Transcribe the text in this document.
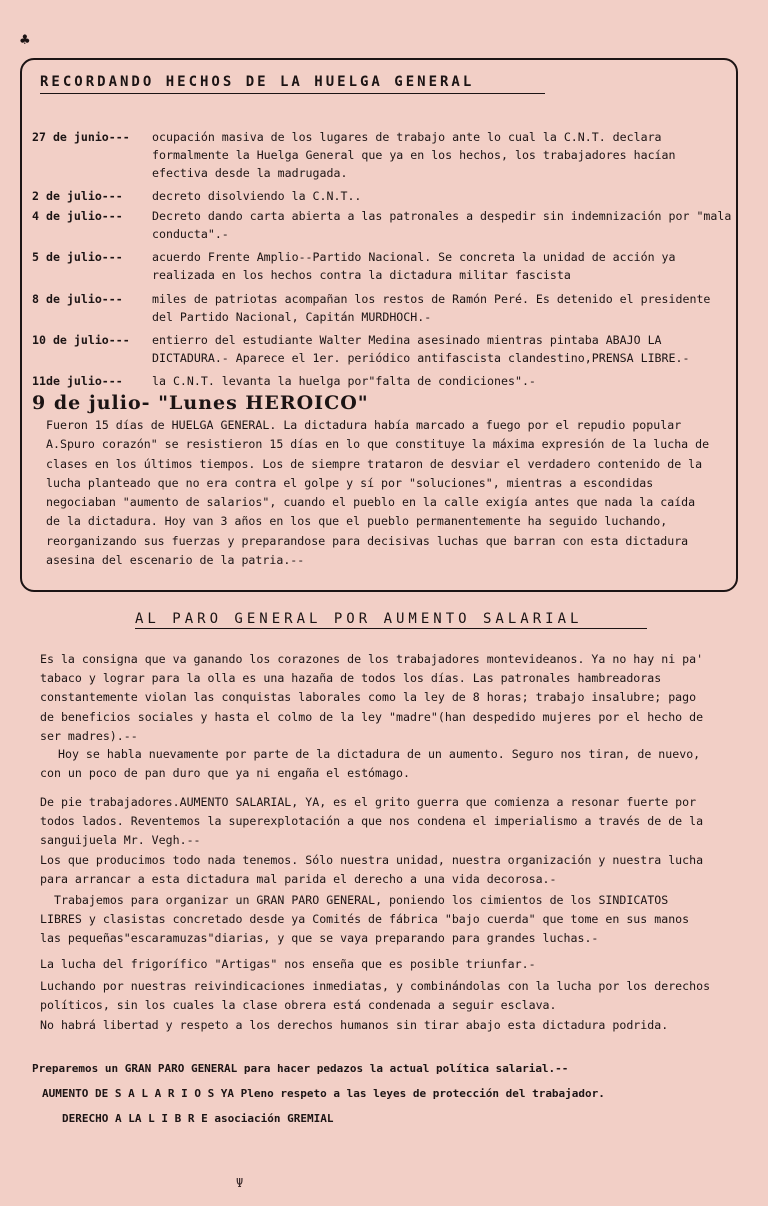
♣
RECORDANDO HECHOS DE LA HUELGA GENERAL
27 de junio---	ocupación masiva de los lugares de trabajo ante lo cual la C.N.T. declara formalmente la Huelga General que ya en los hechos, los trabajadores hacían efectiva desde la madrugada.
2 de julio---	decreto disolviendo la C.N.T..
4 de julio---	Decreto dando carta abierta a las patronales a despedir sin indemnización por "mala conducta".-
5 de julio---	acuerdo Frente Amplio--Partido Nacional. Se concreta la unidad de acción ya realizada en los hechos contra la dictadura militar fascista
8 de julio---	miles de patriotas acompañan los restos de Ramón Peré. Es detenido el presidente del Partido Nacional, Capitán MURDHOCH.-
10 de julio---	entierro del estudiante Walter Medina asesinado mientras pintaba ABAJO LA DICTADURA.- Aparece el 1er. periódico antifascista clandestino,PRENSA LIBRE.-
11de julio---	la C.N.T. levanta la huelga por"falta de condiciones".-
9 de julio- "Lunes HEROICO"
Fueron 15 días de HUELGA GENERAL. La dictadura había marcado a fuego por el repudio popular A.Spuro corazón" se resistieron 15 días en lo que constituye la máxima expresión de la lucha de clases en los últimos tiempos. Los de siempre trataron de desviar el verdadero contenido de la lucha planteado que no era contra el golpe y sí por "soluciones", mientras a escondidas negociaban "aumento de salarios", cuando el pueblo en la calle exigía antes que nada la caída de la dictadura. Hoy van 3 años en los que el pueblo permanentemente ha seguido luchando, reorganizando sus fuerzas y preparandose para decisivas luchas que barran con esta dictadura asesina del escenario de la patria.--
AL PARO GENERAL POR AUMENTO SALARIAL
Es la consigna que va ganando los corazones de los trabajadores montevideanos. Ya no hay ni pa' tabaco y lograr para la olla es una hazaña de todos los días. Las patronales hambreadoras constantemente violan las conquistas laborales como la ley de 8 horas; trabajo insalubre; pago de beneficios sociales y hasta el colmo de la ley "madre"(han despedido mujeres por el hecho de ser madres).--
Hoy se habla nuevamente por parte de la dictadura de un aumento. Seguro nos tiran, de nuevo, con un poco de pan duro que ya ni engaña el estómago.
De pie trabajadores.AUMENTO SALARIAL, YA, es el grito guerra que comienza a resonar fuerte por todos lados. Reventemos la superexplotación a que nos condena el imperialismo a través de de la sanguijuela Mr. Vegh.--
Los que producimos todo nada tenemos. Sólo nuestra unidad, nuestra organización y nuestra lucha para arrancar a esta dictadura mal parida el derecho a una vida decorosa.-
Trabajemos para organizar un GRAN PARO GENERAL, poniendo los cimientos de los SINDICATOS LIBRES y clasistas concretado desde ya Comités de fábrica "bajo cuerda" que tome en sus manos las pequeñas"escaramuzas"diarias, y que se vaya preparando para grandes luchas.-
La lucha del frigorífico "Artigas" nos enseña que es posible triunfar.-
Luchando por nuestras reivindicaciones inmediatas, y combinándolas con la lucha por los derechos políticos, sin los cuales la clase obrera está condenada a seguir esclava.
No habrá libertad y respeto a los derechos humanos sin tirar abajo esta dictadura podrida.
Preparemos un GRAN PARO GENERAL para hacer pedazos la actual política salarial.--
AUMENTO DE S A L A R I O S YA Pleno respeto a las leyes de protección del trabajador.
DERECHO A LA L I B R E asociación GREMIAL
Ψ
